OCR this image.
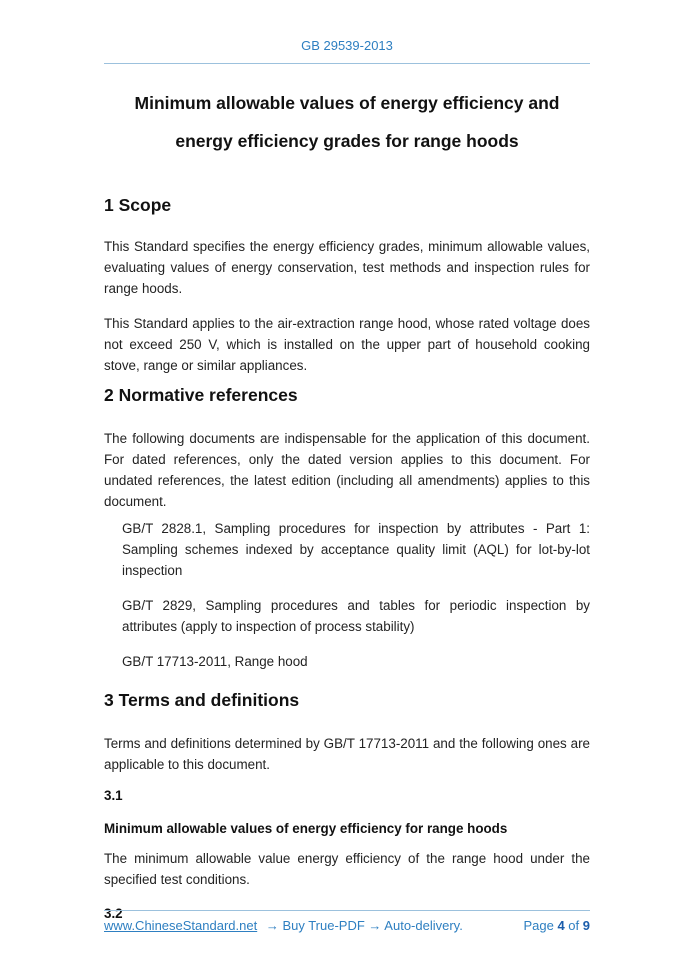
GB 29539-2013
Minimum allowable values of energy efficiency and
energy efficiency grades for range hoods
1 Scope

This Standard specifies the energy efficiency grades, minimum allowable values, evaluating values of energy conservation, test methods and inspection rules for range hoods.

This Standard applies to the air-extraction range hood, whose rated voltage does not exceed 250 V, which is installed on the upper part of household cooking stove, range or similar appliances.

2 Normative references

The following documents are indispensable for the application of this document. For dated references, only the dated version applies to this document. For undated references, the latest edition (including all amendments) applies to this document.

GB/T 2828.1, Sampling procedures for inspection by attributes - Part 1: Sampling schemes indexed by acceptance quality limit (AQL) for lot-by-lot inspection

GB/T 2829, Sampling procedures and tables for periodic inspection by attributes (apply to inspection of process stability)

GB/T 17713-2011, Range hood

3 Terms and definitions

Terms and definitions determined by GB/T 17713-2011 and the following ones are applicable to this document.

3.1

Minimum allowable values of energy efficiency for range hoods

The minimum allowable value energy efficiency of the range hood under the specified test conditions.

3.2

www.ChineseStandard.net → Buy True-PDF → Auto-delivery.	Page 4 of 9
